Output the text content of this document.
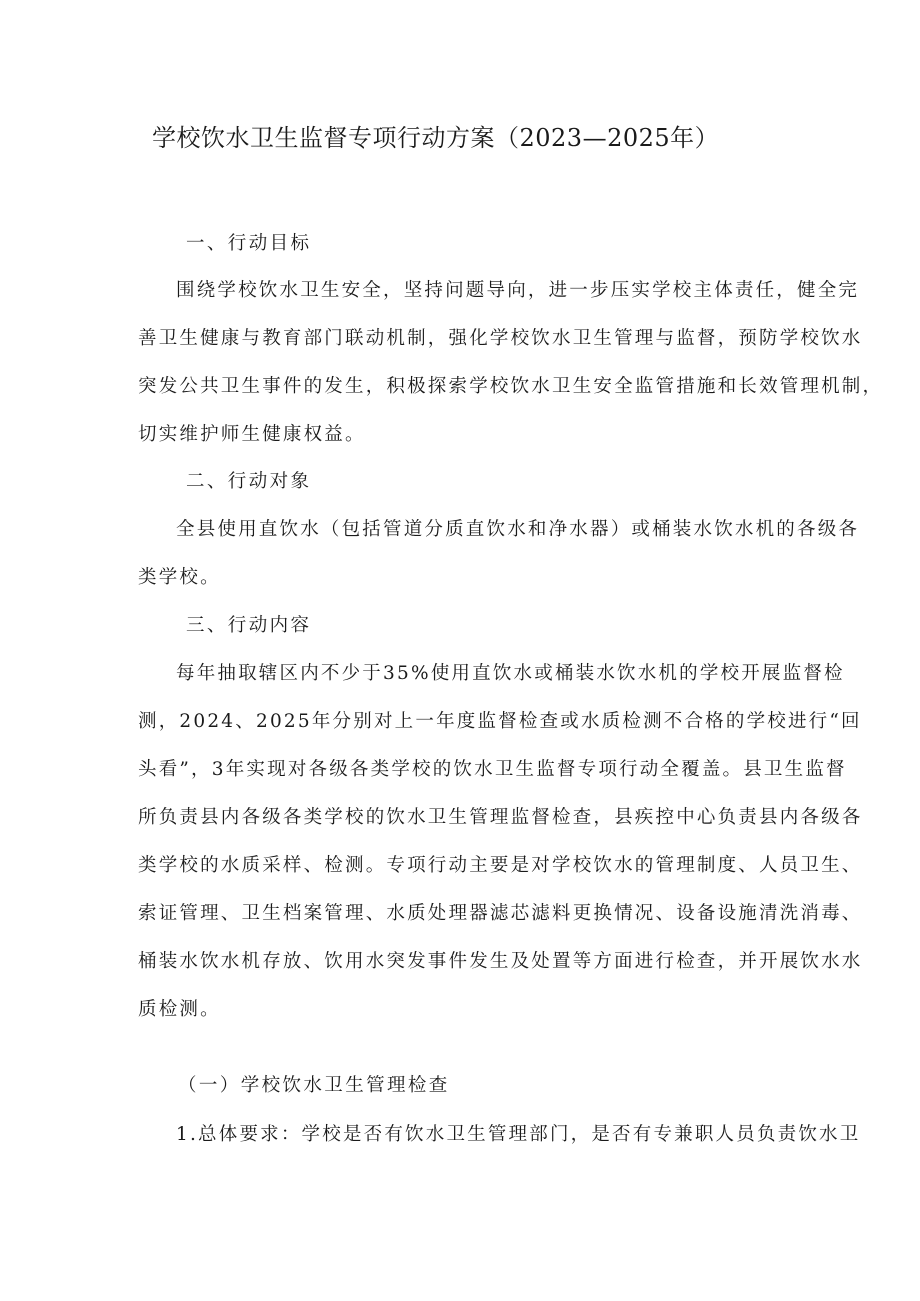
学校饮水卫生监督专项行动方案（2023—2025年）
一、行动目标
围绕学校饮水卫生安全，坚持问题导向，进一步压实学校主体责任，健全完
善卫生健康与教育部门联动机制，强化学校饮水卫生管理与监督，预防学校饮水
突发公共卫生事件的发生，积极探索学校饮水卫生安全监管措施和长效管理机制，
切实维护师生健康权益。
二、行动对象
全县使用直饮水（包括管道分质直饮水和净水器）或桶装水饮水机的各级各
类学校。
三、行动内容
每年抽取辖区内不少于35%使用直饮水或桶装水饮水机的学校开展监督检
测，2024、2025年分别对上一年度监督检查或水质检测不合格的学校进行“回
头看”，3年实现对各级各类学校的饮水卫生监督专项行动全覆盖。县卫生监督
所负责县内各级各类学校的饮水卫生管理监督检查，县疾控中心负责县内各级各
类学校的水质采样、检测。专项行动主要是对学校饮水的管理制度、人员卫生、
索证管理、卫生档案管理、水质处理器滤芯滤料更换情况、设备设施清洗消毒、
桶装水饮水机存放、饮用水突发事件发生及处置等方面进行检查，并开展饮水水
质检测。
（一）学校饮水卫生管理检查
1.总体要求：学校是否有饮水卫生管理部门，是否有专兼职人员负责饮水卫
